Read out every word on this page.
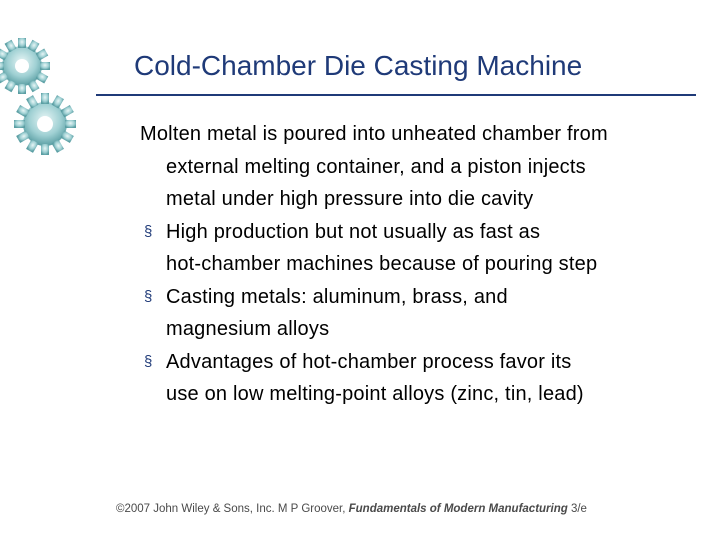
Cold‑Chamber Die Casting Machine

Molten metal is poured into unheated chamber from
external melting container, and a piston injects
metal under high pressure into die cavity

§ High production but not usually as fast as
hot‑chamber machines because of pouring step

§ Casting metals: aluminum, brass, and
magnesium alloys

§ Advantages of hot‑chamber process favor its
use on low melting‑point alloys (zinc, tin, lead)

©2007 John Wiley & Sons, Inc. M P Groover, Fundamentals of Modern Manufacturing 3/e
